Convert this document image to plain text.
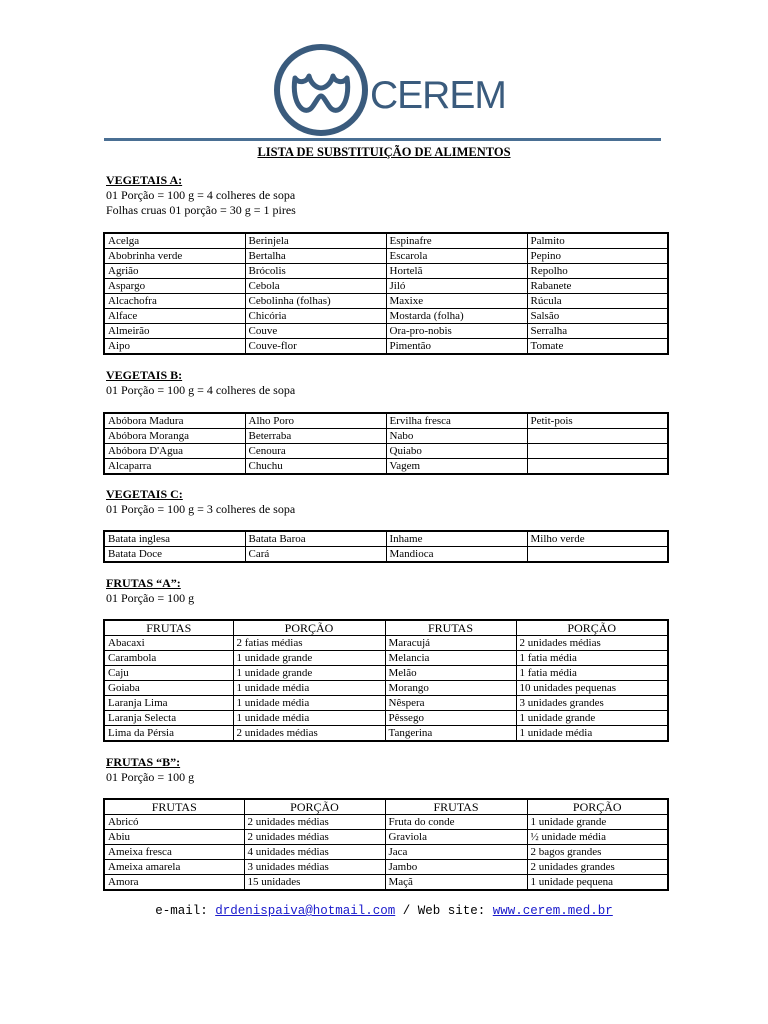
CEREM
LISTA DE SUBSTITUIÇÃO DE ALIMENTOS
VEGETAIS A:
01 Porção = 100 g = 4 colheres de sopa
Folhas cruas 01 porção = 30 g = 1 pires
Acelga	Berinjela	Espinafre	Palmito
Abobrinha verde	Bertalha	Escarola	Pepino
Agrião	Brócolis	Hortelã	Repolho
Aspargo	Cebola	Jiló	Rabanete
Alcachofra	Cebolinha (folhas)	Maxixe	Rúcula
Alface	Chicória	Mostarda (folha)	Salsão
Almeirão	Couve	Ora-pro-nobis	Serralha
Aipo	Couve-flor	Pimentão	Tomate
VEGETAIS B:
01 Porção = 100 g = 4 colheres de sopa
Abóbora Madura	Alho Poro	Ervilha fresca	Petit-pois
Abóbora Moranga	Beterraba	Nabo	
Abóbora D'Agua	Cenoura	Quiabo	
Alcaparra	Chuchu	Vagem	
VEGETAIS C:
01 Porção = 100 g = 3 colheres de sopa
Batata inglesa	Batata Baroa	Inhame	Milho verde
Batata Doce	Cará	Mandioca	
FRUTAS “A”:
01 Porção = 100 g
FRUTAS	PORÇÃO	FRUTAS	PORÇÃO
Abacaxi	2 fatias médias	Maracujá	2 unidades médias
Carambola	1 unidade grande	Melancia	1 fatia média
Caju	1 unidade grande	Melão	1 fatia média
Goiaba	1 unidade média	Morango	10 unidades pequenas
Laranja Lima	1 unidade média	Nêspera	3 unidades grandes
Laranja Selecta	1 unidade média	Pêssego	1 unidade grande
Lima da Pérsia	2 unidades médias	Tangerina	1 unidade média
FRUTAS “B”:
01 Porção = 100 g
FRUTAS	PORÇÃO	FRUTAS	PORÇÃO
Abricó	2 unidades médias	Fruta do conde	1 unidade grande
Abiu	2 unidades médias	Graviola	½ unidade média
Ameixa fresca	4 unidades médias	Jaca	2 bagos grandes
Ameixa amarela	3 unidades médias	Jambo	2 unidades grandes
Amora	15 unidades	Maçã	1 unidade pequena
e-mail: drdenispaiva@hotmail.com / Web site: www.cerem.med.br
